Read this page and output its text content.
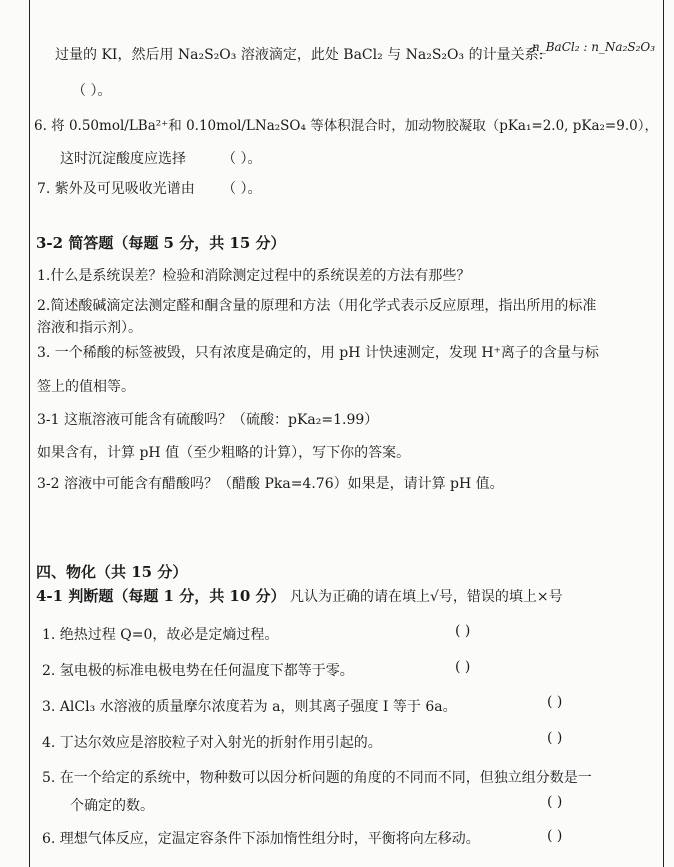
过量的 KI，然后用 Na₂S₂O₃ 溶液滴定，此处 BaCl₂ 与 Na₂S₂O₃ 的计量关系:
n_BaCl₂ : n_Na₂S₂O₃
（ ）。
6. 将 0.50mol/LBa²⁺和 0.10mol/LNa₂SO₄ 等体积混合时，加动物胶凝取（pKa₁=2.0, pKa₂=9.0），
这时沉淀酸度应选择	（ ）。
7. 紫外及可见吸收光谱由 （ ）。
3-2 简答题（每题 5 分，共 15 分）
1.什么是系统误差？检验和消除测定过程中的系统误差的方法有那些？
2.简述酸碱滴定法测定醛和酮含量的原理和方法（用化学式表示反应原理，指出所用的标准
溶液和指示剂）。
3. 一个稀酸的标签被毁，只有浓度是确定的，用 pH 计快速测定，发现 H⁺离子的含量与标
签上的值相等。
3-1 这瓶溶液可能含有硫酸吗？（硫酸：pKa₂=1.99）
如果含有，计算 pH 值（至少粗略的计算），写下你的答案。
3-2 溶液中可能含有醋酸吗？（醋酸 Pka=4.76）如果是，请计算 pH 值。
四、物化（共 15 分）
4-1 判断题（每题 1 分，共 10 分） 凡认为正确的请在填上√号，错误的填上×号
1. 绝热过程 Q=0，故必是定熵过程。	( )
2. 氢电极的标准电极电势在任何温度下都等于零。	( )
3. AlCl₃ 水溶液的质量摩尔浓度若为 a，则其离子强度 I 等于 6a。	( )
4. 丁达尔效应是溶胶粒子对入射光的折射作用引起的。	( )
5. 在一个给定的系统中，物种数可以因分析问题的角度的不同而不同，但独立组分数是一
个确定的数。	( )
6. 理想气体反应，定温定容条件下添加惰性组分时，平衡将向左移动。	( )
